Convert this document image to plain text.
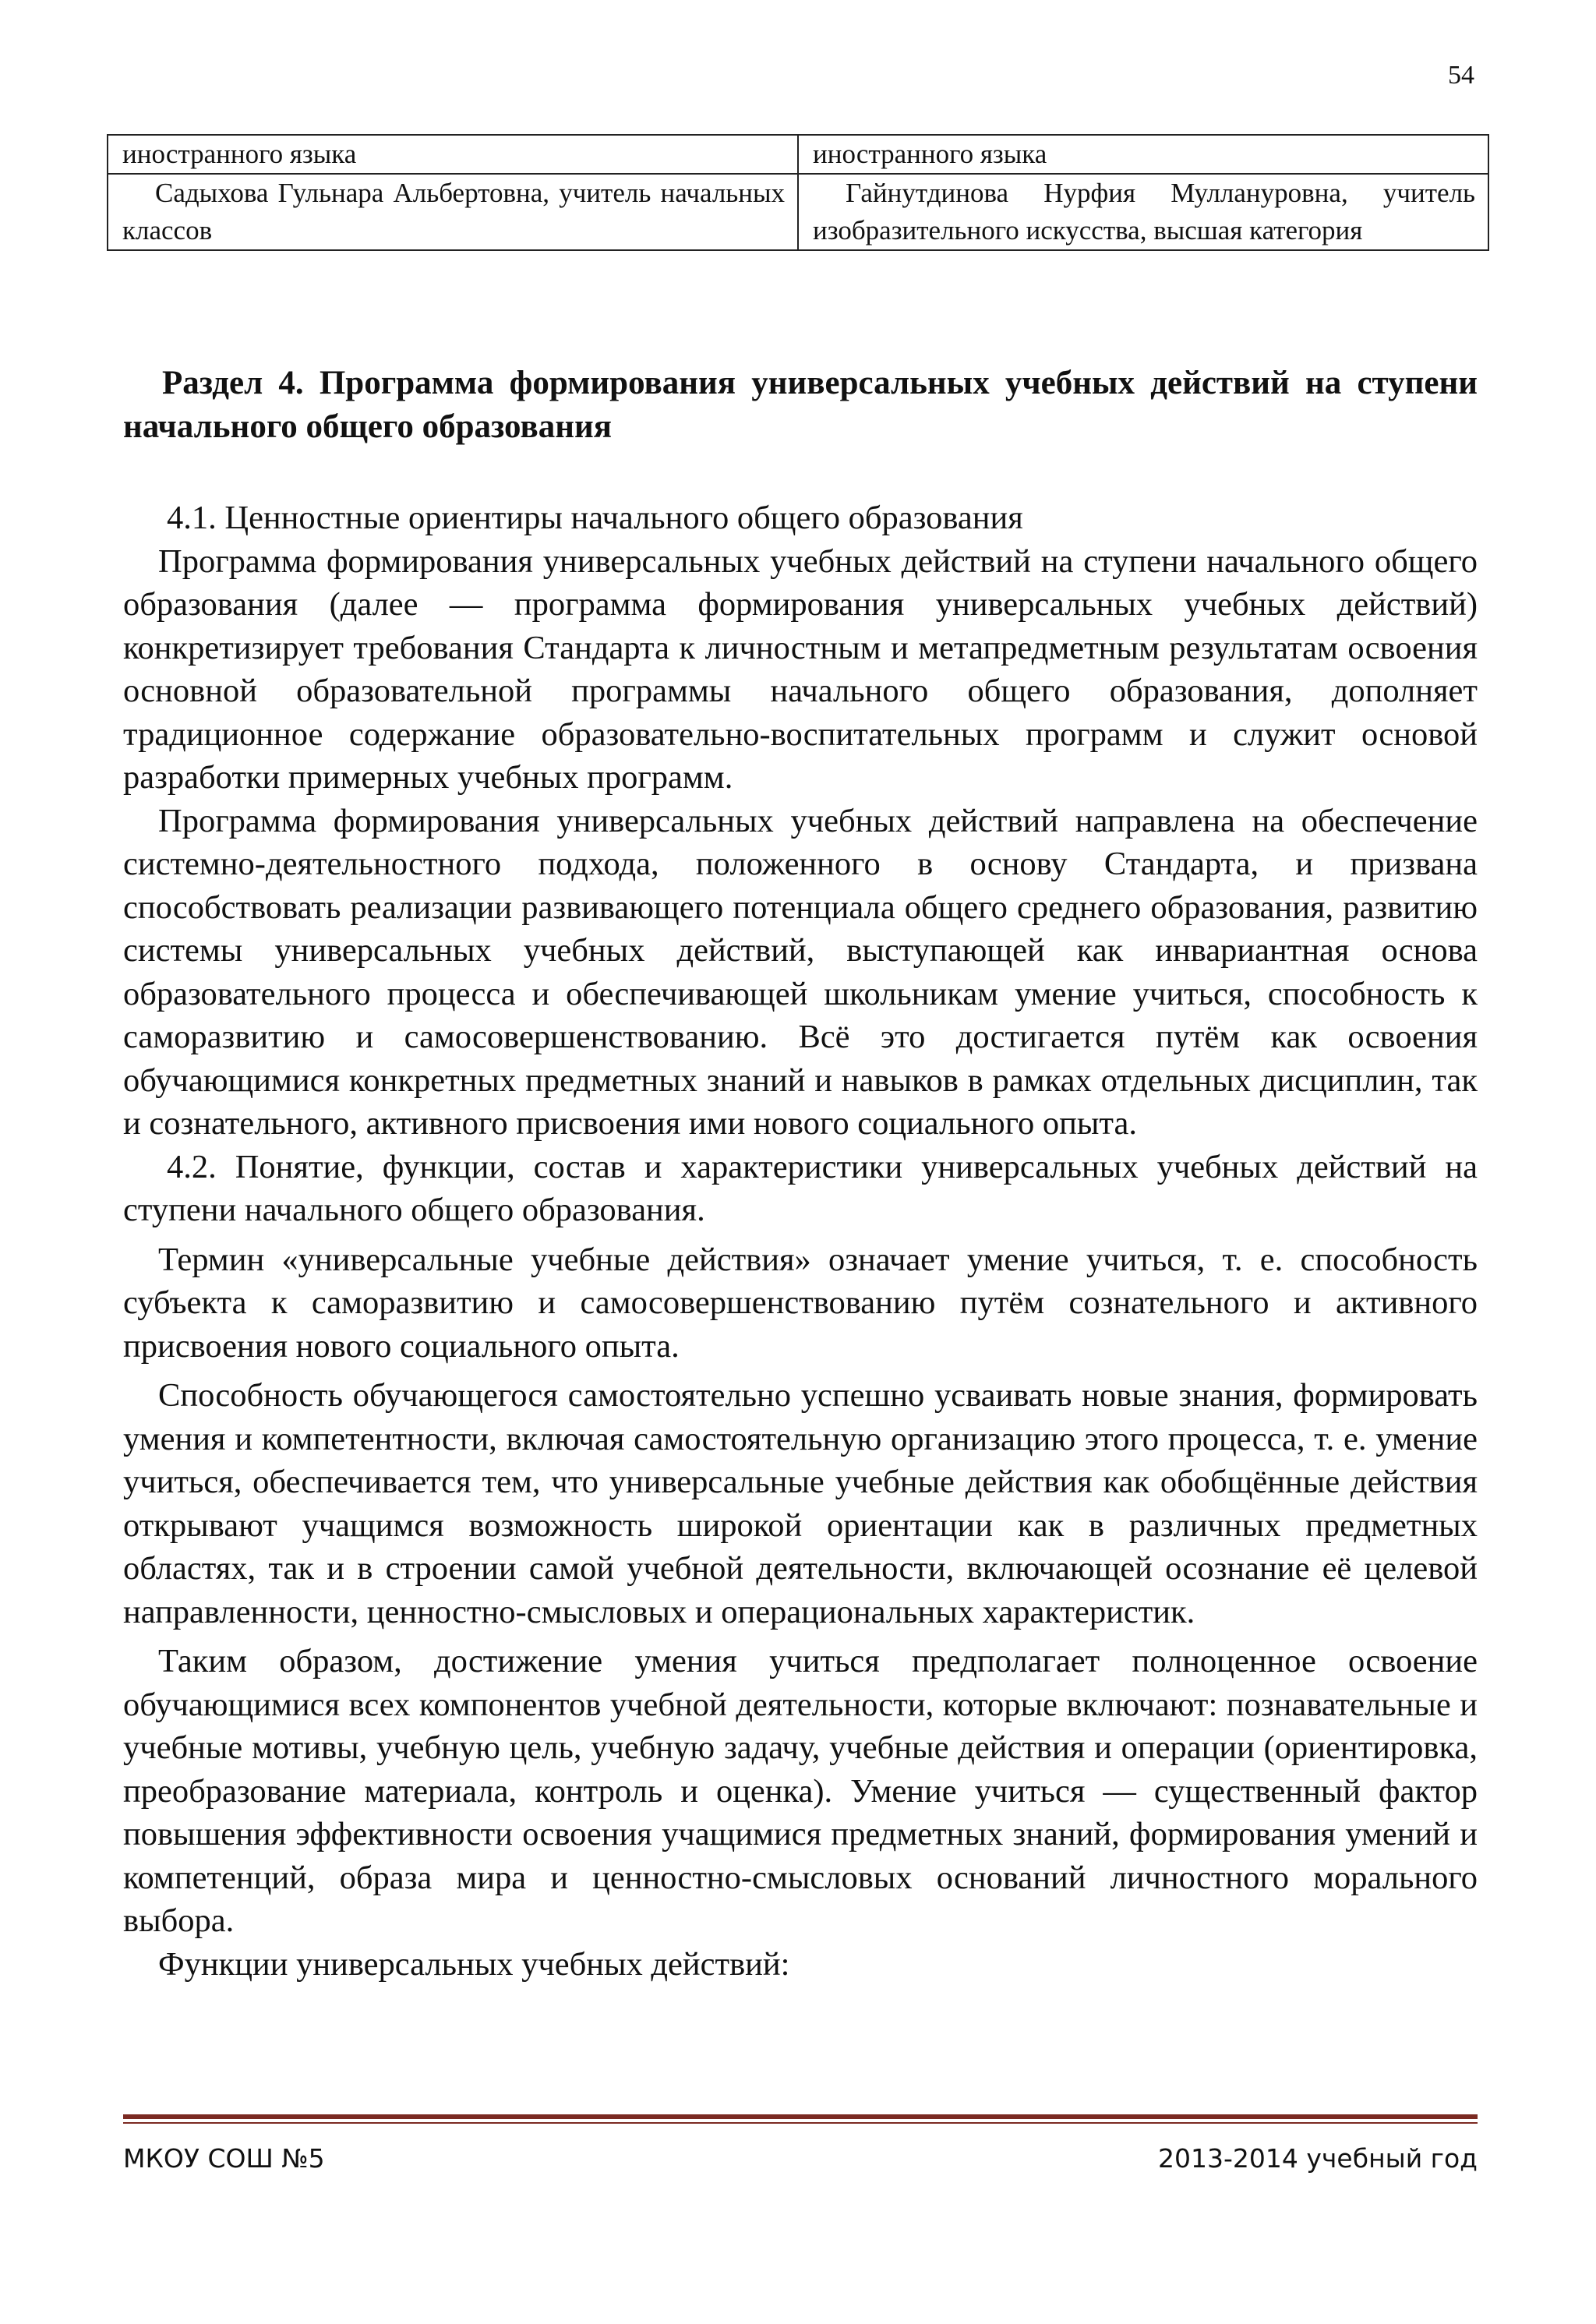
54
иностранного языка	иностранного языка
Садыхова Гульнара Альбертовна, учитель начальных классов	Гайнутдинова Нурфия Муллануровна, учитель изобразительного искусства, высшая категория
Раздел 4. Программа формирования универсальных учебных действий на ступени начального общего образования

4.1. Ценностные ориентиры начального общего образования

Программа формирования универсальных учебных действий на ступени начального общего образования (далее — программа формирования универсальных учебных действий) конкретизирует требования Стандарта к личностным и метапредметным результатам освоения основной образовательной программы начального общего образования, дополняет традиционное содержание образовательно-воспитательных программ и служит основой разработки примерных учебных программ.

Программа формирования универсальных учебных действий направлена на обеспечение системно-деятельностного подхода, положенного в основу Стандарта, и призвана способствовать реализации развивающего потенциала общего среднего образования, развитию системы универсальных учебных действий, выступающей как инвариантная основа образовательного процесса и обеспечивающей школьникам умение учиться, способность к саморазвитию и самосовершенствованию. Всё это достигается путём как освоения обучающимися конкретных предметных знаний и навыков в рамках отдельных дисциплин, так и сознательного, активного присвоения ими нового социального опыта.

4.2. Понятие, функции, состав и характеристики универсальных учебных действий на ступени начального общего образования.

Термин «универсальные учебные действия» означает умение учиться, т. е. способность субъекта к саморазвитию и самосовершенствованию путём сознательного и активного присвоения нового социального опыта.

Способность обучающегося самостоятельно успешно усваивать новые знания, формировать умения и компетентности, включая самостоятельную организацию этого процесса, т. е. умение учиться, обеспечивается тем, что универсальные учебные действия как обобщённые действия открывают учащимся возможность широкой ориентации как в различных предметных областях, так и в строении самой учебной деятельности, включающей осознание её целевой направленности, ценностно-смысловых и операциональных характеристик.

Таким образом, достижение умения учиться предполагает полноценное освоение обучающимися всех компонентов учебной деятельности, которые включают: познавательные и учебные мотивы, учебную цель, учебную задачу, учебные действия и операции (ориентировка, преобразование материала, контроль и оценка). Умение учиться — существенный фактор повышения эффективности освоения учащимися предметных знаний, формирования умений и компетенций, образа мира и ценностно-смысловых оснований личностного морального выбора.

Функции универсальных учебных действий:

МКОУ СОШ №5	2013-2014 учебный год
